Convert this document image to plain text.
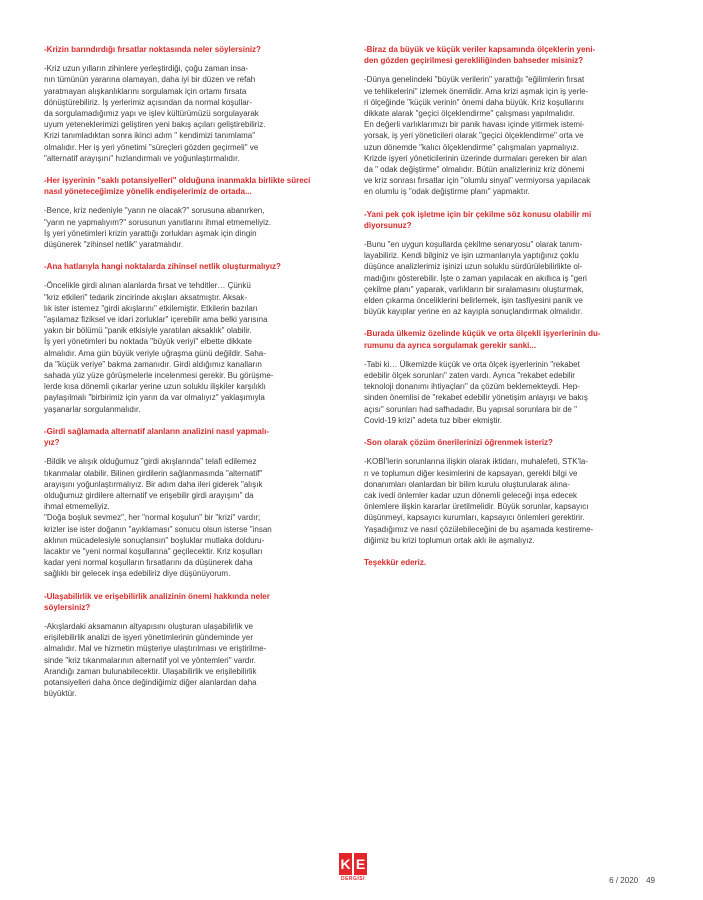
-Krizin barındırdığı fırsatlar noktasında neler söylersiniz?

-Kriz uzun yılların zihinlere yerleştirdiği, çoğu zaman insa-
nın tümünün yararına olamayan, daha iyi bir düzen ve refah
yaratmayan alışkanlıklarını sorgulamak için ortamı fırsata
dönüştürebiliriz. İş yerlerimiz açısından da normal koşullar-
da sorgulamadığımız yapı ve işlev kültürümüzü sorgulayarak
uyum yeteneklerimizi geliştiren yeni bakış açıları geliştirebiliriz.
Krizi tanımladıktan sonra ikinci adım " kendimizi tanımlama"
olmalıdır. Her iş yeri yönetimi "süreçleri gözden geçirmeli" ve
"alternatif arayışını" hızlandırmalı ve yoğunlaştırmalıdır.

-Her işyerinin "saklı potansiyelleri" olduğuna inanmakla birlikte süreci nasıl yöneteceğimize yönelik endişelerimiz de ortada...

-Bence, kriz nedeniyle "yarın ne olacak?" sorusuna abanırken,
"yarın ne yapmalıyım?" sorusunun yanıtlarını ihmal etmemeliyiz.
İş yeri yönetimleri krizin yarattığı zorlukları aşmak için dingin
düşünerek "zihinsel netlik" yaratmalıdır.

-Ana hatlarıyla hangi noktalarda zihinsel netlik oluşturmalıyız?

-Öncelikle girdi alınan alanlarda fırsat ve tehditler… Çünkü
"kriz etkileri" tedarik zincirinde akışları aksatmıştır. Aksak-
lık ister istemez "girdi akışlarını" etkilemiştir. Etkilerin bazıları
"aşılamaz fiziksel ve idari zorluklar" içerebilir ama belki yarısına
yakın bir bölümü "panik etkisiyle yaratılan aksaklık" olabilir.
İş yeri yönetimleri bu noktada "büyük veriyi" elbette dikkate
almalıdır. Ama gün büyük veriyle uğraşma günü değildir. Saha-
da "küçük veriye" bakma zamanıdır. Girdi aldığımız kanalların
sahada yüz yüze görüşmelerle incelenmesi gerekir. Bu görüşme-
lerde kısa dönemli çıkarlar yerine uzun soluklu ilişkiler karşılıklı
paylaşılmalı "birbirimiz için yarın da var olmalıyız" yaklaşımıyla
yaşanarlar sorgulanmalıdır.

-Girdi sağlamada alternatif alanların analizini nasıl yapmalı-
yız?

-Bildik ve alışık olduğumuz "girdi akışlarında" telafi edilemez
tıkanmalar olabilir. Bilinen girdilerin sağlanmasında "alternatif"
arayışını yoğunlaştırmalıyız. Bir adım daha ileri giderek "alışık
olduğumuz girdilere alternatif ve erişebilir girdi arayışını" da
ihmal etmemeliyiz.
"Doğa boşluk sevmez", her "normal koşulun" bir "krizi" vardır;
krizler ise ister doğanın "ayıklaması" sonucu olsun isterse "insan
aklının mücadelesiyle sonuçlansın" boşluklar mutlaka dolduru-
lacaktır ve "yeni normal koşullarına" geçilecektir. Kriz koşulları
kadar yeni normal koşulların fırsatlarını da düşünerek daha
sağlıklı bir gelecek inşa edebiliriz diye düşünüyorum.

-Ulaşabilirlik ve erişebilirlik analizinin önemi hakkında neler
söylersiniz?

-Akışlardaki aksamanın altyapısını oluşturan ulaşabilirlik ve
erişilebilirlik analizi de işyeri yönetimlerinin gündeminde yer
almalıdır. Mal ve hizmetin müşteriye ulaştırılması ve eriştirilme-
sinde "kriz tıkanmalarının alternatif yol ve yöntemleri" vardır.
Arandığı zaman bulunabilecektir. Ulaşabilirlik ve erişilebilirlik
potansiyelleri daha önce değindiğimiz diğer alanlardan daha
büyüktür.

-Biraz da büyük ve küçük veriler kapsamında ölçeklerin yeni-
den gözden geçirilmesi gerekliliğinden bahseder misiniz?

-Dünya genelindeki "büyük verilerin" yarattığı "eğilimlerin fırsat
ve tehlikelerini" izlemek önemlidir. Ama krizi aşmak için iş yerle-
ri ölçeğinde "küçük verinin" önemi daha büyük. Kriz koşullarını
dikkate alarak "geçici ölçeklendirme" çalışması yapılmalıdır.
En değerli varlıklarımızı bir panik havası içinde yitirmek istemi-
yorsak, iş yeri yöneticileri olarak "geçici ölçeklendirme" orta ve
uzun dönemde "kalıcı ölçeklendirme" çalışmaları yapmalıyız.
Krizde işyeri yöneticilerinin üzerinde durmaları gereken bir alan
da " odak değiştirme" olmalıdır. Bütün analizleriniz kriz dönemi
ve kriz sonrası fırsatlar için "olumlu sinyal" vermiyorsa yapılacak
en olumlu iş "odak değiştirme planı" yapmaktır.

-Yani pek çok işletme için bir çekilme söz konusu olabilir mi
diyorsunuz?

-Bunu "en uygun koşullarda çekilme senaryosu" olarak tanım-
layabiliriz. Kendi bilginiz ve işin uzmanlarıyla yaptığınız çoklu
düşünce analizlerimiz işinizi uzun soluklu sürdürülebilirlikte ol-
madığını gösterebilir. İşte o zaman yapılacak en akıllıca iş "geri
çekilme planı" yaparak, varlıkların bir sıralamasını oluşturmak,
elden çıkarma önceliklerini belirlemek, işin tasfiyesini panik ve
büyük kayıplar yerine en az kayıpla sonuçlandırmak olmalıdır.

-Burada ülkemiz özelinde küçük ve orta ölçekli işyerlerinin du-
rumunu da ayrıca sorgulamak gerekir sanki...

-Tabi ki… Ülkemizde küçük ve orta ölçek işyerlerinin "rekabet
edebilir ölçek sorunları" zaten vardı. Ayrıca "rekabet edebilir
teknoloji donanımı ihtiyaçları" da çözüm beklemekteydi. Hep-
sinden önemlisi de "rekabet edebilir yönetişim anlayışı ve bakış
açısı" sorunları had safhadadır. Bu yapısal sorunlara bir de "
Covid-19 krizi" adeta tuz biber ekmiştir.

-Son olarak çözüm önerilerinizi öğrenmek isteriz?

-KOBİ'lerin sorunlarına ilişkin olarak iktidarı, muhalefeti, STK'la-
rı ve toplumun diğer kesimlerini de kapsayan, gerekli bilgi ve
donanımları olanlardan bir bilim kurulu oluşturularak alına-
cak ivedi önlemler kadar uzun dönemli geleceği inşa edecek
önlemlere ilişkin kararlar üretilmelidir. Büyük sorunlar, kapsayıcı
düşünmeyi, kapsayıcı kurumları, kapsayıcı önlemleri gerektirir.
Yaşadığımız ve nasıl çözülebileceğini de bu aşamada kestireme-
diğimiz bu krizi toplumun ortak aklı ile aşmalıyız.

Teşekkür ederiz.

K E
DERGİSİ	6 / 2020 49
